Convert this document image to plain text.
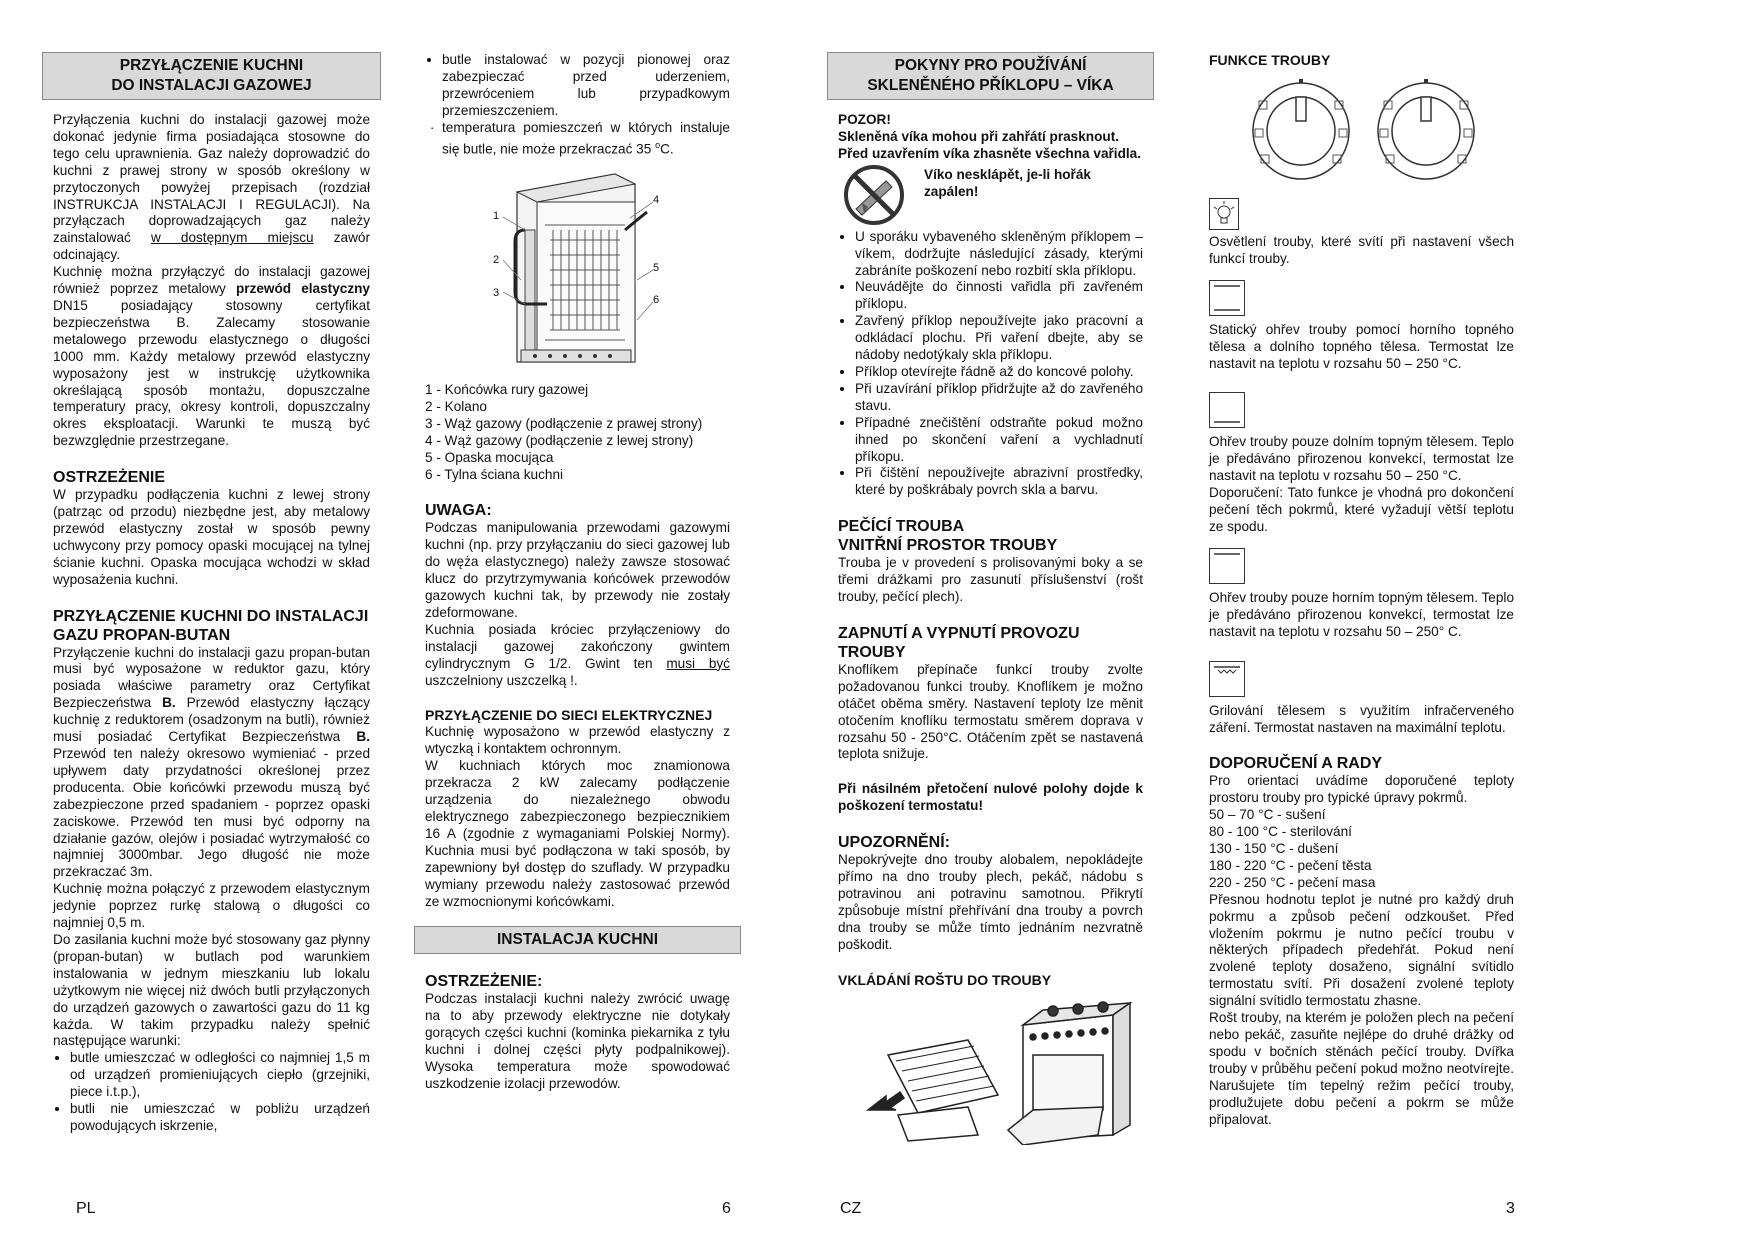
PRZYŁĄCZENIE KUCHNI
DO INSTALACJI GAZOWEJ

Przyłączenia kuchni do instalacji gazowej może dokonać jedynie firma posiadająca stosowne do tego celu uprawnienia. Gaz należy doprowadzić do kuchni z prawej strony w sposób określony w przytoczonych powyżej przepisach (rozdział INSTRUKCJA INSTALACJI I REGULACJI). Na przyłączach doprowadzających gaz należy zainstalować w dostępnym miejscu zawór odcinający.

Kuchnię można przyłączyć do instalacji gazowej również poprzez metalowy przewód elastyczny DN15 posiadający stosowny certyfikat bezpieczeństwa B. Zalecamy stosowanie metalowego przewodu elastycznego o długości 1000 mm. Każdy metalowy przewód elastyczny wyposażony jest w instrukcję użytkownika określającą sposób montażu, dopuszczalne temperatury pracy, okresy kontroli, dopuszczalny okres eksploatacji. Warunki te muszą być bezwzględnie przestrzegane.

OSTRZEŻENIE

W przypadku podłączenia kuchni z lewej strony (patrząc od przodu) niezbędne jest, aby metalowy przewód elastyczny został w sposób pewny uchwycony przy pomocy opaski mocującej na tylnej ścianie kuchni. Opaska mocująca wchodzi w skład wyposażenia kuchni.

PRZYŁĄCZENIE KUCHNI DO INSTALACJI
GAZU PROPAN-BUTAN

Przyłączenie kuchni do instalacji gazu propan-butan musi być wyposażone w reduktor gazu, który posiada właściwe parametry oraz Certyfikat Bezpieczeństwa B. Przewód elastyczny łączący kuchnię z reduktorem (osadzonym na butli), również musi posiadać Certyfikat Bezpieczeństwa B. Przewód ten należy okresowo wymieniać - przed upływem daty przydatności określonej przez producenta. Obie końcówki przewodu muszą być zabezpieczone przed spadaniem - poprzez opaski zaciskowe. Przewód ten musi być odporny na działanie gazów, olejów i posiadać wytrzymałość co najmniej 3000mbar. Jego długość nie może przekraczać 3m.

Kuchnię można połączyć z przewodem elastycznym jedynie poprzez rurkę stalową o długości co najmniej 0,5 m.

Do zasilania kuchni może być stosowany gaz płynny (propan-butan) w butlach pod warunkiem instalowania w jednym mieszkaniu lub lokalu użytkowym nie więcej niż dwóch butli przyłączonych do urządzeń gazowych o zawartości gazu do 11 kg każda. W takim przypadku należy spełnić następujące warunki:

• butle umieszczać w odległości co najmniej 1,5 m od urządzeń promieniujących ciepło (grzejniki, piece i.t.p.),
• butli nie umieszczać w pobliżu urządzeń powodujących iskrzenie,
• butle instalować w pozycji pionowej oraz zabezpieczać przed uderzeniem, przewróceniem lub przypadkowym przemieszczeniem.
· temperatura pomieszczeń w których instaluje się butle, nie może przekraczać 35 $^o$C.
1
2
3
4
5
6
1 - Końcówka rury gazowej
2 - Kolano
3 - Wąż gazowy (podłączenie z prawej strony)
4 - Wąż gazowy (podłączenie z lewej strony)
5 - Opaska mocująca
6 - Tylna ściana kuchni
UWAGA:

Podczas manipulowania przewodami gazowymi kuchni (np. przy przyłączaniu do sieci gazowej lub do węża elastycznego) należy zawsze stosować klucz do przytrzymywania końcówek przewodów gazowych kuchni tak, by przewody nie zostały zdeformowane.

Kuchnia posiada króciec przyłączeniowy do instalacji gazowej zakończony gwintem cylindrycznym G 1/2. Gwint ten musi być uszczelniony uszczelką !.

PRZYŁĄCZENIE DO SIECI ELEKTRYCZNEJ

Kuchnię wyposażono w przewód elastyczny z wtyczką i kontaktem ochronnym.

W kuchniach których moc znamionowa przekracza 2 kW zalecamy podłączenie urządzenia do niezależnego obwodu elektrycznego zabezpieczonego bezpiecznikiem 16 A (zgodnie z wymaganiami Polskiej Normy). Kuchnia musi być podłączona w taki sposób, by zapewniony był dostęp do szuflady. W przypadku wymiany przewodu należy zastosować przewód ze wzmocnionymi końcówkami.

INSTALACJA KUCHNI
OSTRZEŻENIE:

Podczas instalacji kuchni należy zwrócić uwagę na to aby przewody elektryczne nie dotykały gorących części kuchni (kominka piekarnika z tyłu kuchni i dolnej części płyty podpalnikowej). Wysoka temperatura może spowodować uszkodzenie izolacji przewodów.

PL	6
POKYNY PRO POUŽÍVÁNÍ
SKLENĚNÉHO PŘÍKLOPU – VÍKA
POZOR!

Skleněná víka mohou při zahřátí prasknout. Před uzavřením víka zhasněte všechna vařidla.

Víko nesklápět, je-li hořák zapálen!
• U sporáku vybaveného skleněným příklopem – víkem, dodržujte následující zásady, kterými zabráníte poškození nebo rozbití skla příklopu.
• Neuvádějte do činnosti vařidla při zavřeném příklopu.
• Zavřený příklop nepoužívejte jako pracovní a odkládací plochu. Při vaření dbejte, aby se nádoby nedotýkaly skla příklopu.
• Příklop otevírejte řádně až do koncové polohy.
• Při uzavírání příklop přidržujte až do zavřeného stavu.
• Případné znečištění odstraňte pokud možno ihned po skončení vaření a vychladnutí příkopu.
• Při čištění nepoužívejte abrazivní prostředky, které by poškrábaly povrch skla a barvu.
PEČÍCÍ TROUBA
VNITŘNÍ PROSTOR TROUBY

Trouba je v provedení s prolisovanými boky a se třemi drážkami pro zasunutí příslušenství (rošt trouby, pečící plech).

ZAPNUTÍ A VYPNUTÍ PROVOZU TROUBY

Knoflíkem přepínače funkcí trouby zvolte požadovanou funkci trouby. Knoflíkem je možno otáčet oběma směry. Nastavení teploty lze měnit otočením knoflíku termostatu směrem doprava v rozsahu 50 - 250°C. Otáčením zpět se nastavená teplota snižuje.

Při násilném přetočení nulové polohy dojde k poškození termostatu!

UPOZORNĚNÍ:

Nepokrývejte dno trouby alobalem, nepokládejte přímo na dno trouby plech, pekáč, nádobu s potravinou ani potravinu samotnou. Přikrytí způsobuje místní přehřívání dna trouby a povrch dna trouby se může tímto jednáním nezvratně poškodit.

VKLÁDÁNÍ ROŠTU DO TROUBY
FUNKCE TROUBY

Osvětlení trouby, které svítí při nastavení všech funkcí trouby.

Statický ohřev trouby pomocí horního topného tělesa a dolního topného tělesa. Termostat lze nastavit na teplotu v rozsahu 50 – 250 °C.

Ohřev trouby pouze dolním topným tělesem. Teplo je předáváno přirozenou konvekcí, termostat lze nastavit na teplotu v rozsahu 50 – 250 °C.

Doporučení: Tato funkce je vhodná pro dokončení pečení těch pokrmů, které vyžadují větší teplotu ze spodu.

Ohřev trouby pouze horním topným tělesem. Teplo je předáváno přirozenou konvekcí, termostat lze nastavit na teplotu v rozsahu 50 – 250° C.

Grilování tělesem s využitím infračerveného záření. Termostat nastaven na maximální teplotu.

DOPORUČENÍ A RADY

Pro orientaci uvádíme doporučené teploty prostoru trouby pro typické úpravy pokrmů.

50 – 70 °C - sušení
80 - 100 °C - sterilování
130 - 150 °C - dušení
180 - 220 °C - pečení těsta
220 - 250 °C - pečení masa

Přesnou hodnotu teplot je nutné pro každý druh pokrmu a způsob pečení odzkoušet. Před vložením pokrmu je nutno pečící troubu v některých případech předehřát. Pokud není zvolené teploty dosaženo, signální svítidlo termostatu svítí. Při dosažení zvolené teploty signální svítidlo termostatu zhasne.

Rošt trouby, na kterém je položen plech na pečení nebo pekáč, zasuňte nejlépe do druhé drážky od spodu v bočních stěnách pečící trouby. Dvířka trouby v průběhu pečení pokud možno neotvírejte. Narušujete tím tepelný režim pečící trouby, prodlužujete dobu pečení a pokrm se může připalovat.

CZ	3
